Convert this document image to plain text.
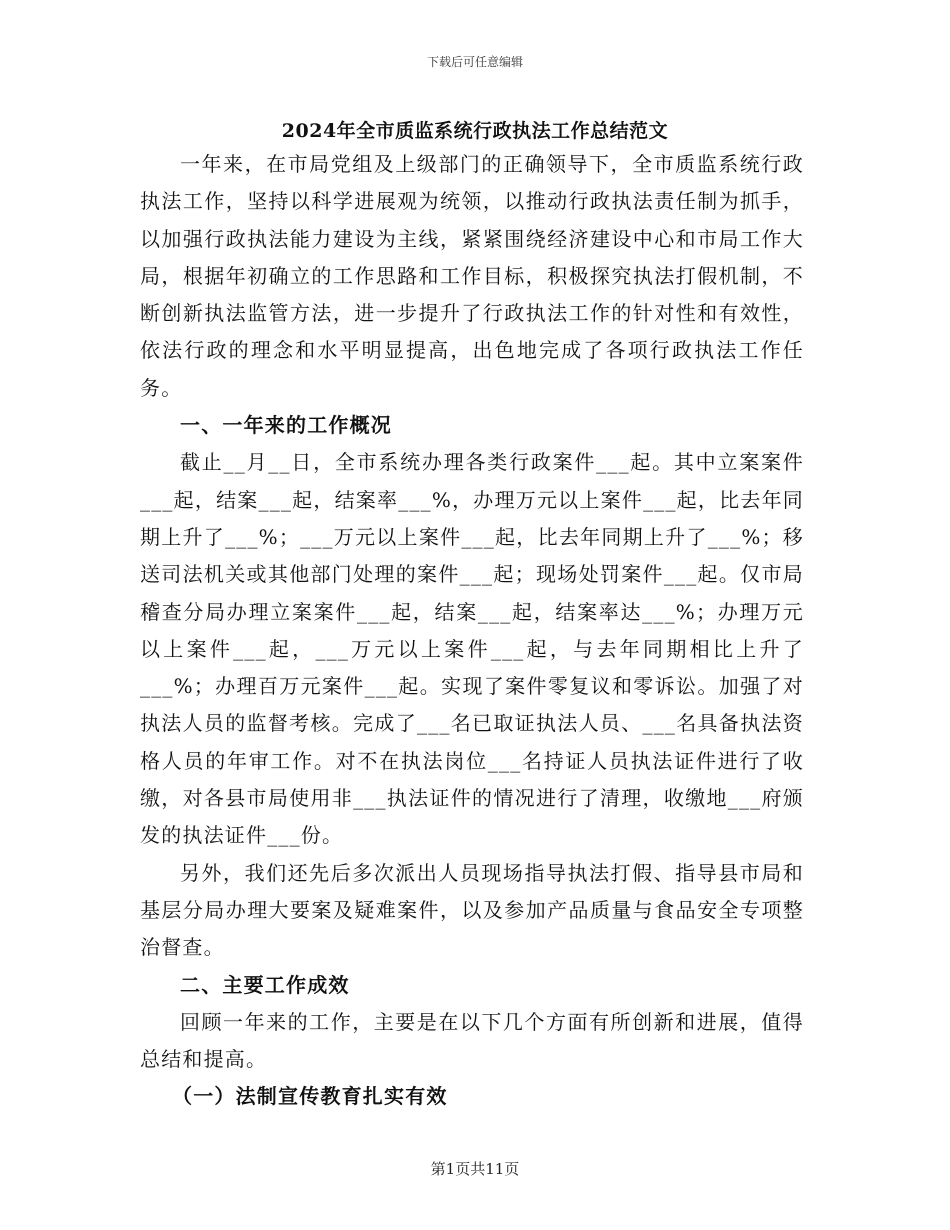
下载后可任意编辑
2024年全市质监系统行政执法工作总结范文

一年来，在市局党组及上级部门的正确领导下，全市质监系统行政执法工作，坚持以科学进展观为统领，以推动行政执法责任制为抓手，以加强行政执法能力建设为主线，紧紧围绕经济建设中心和市局工作大局，根据年初确立的工作思路和工作目标，积极探究执法打假机制，不断创新执法监管方法，进一步提升了行政执法工作的针对性和有效性，依法行政的理念和水平明显提高，出色地完成了各项行政执法工作任务。

一、一年来的工作概况

截止__月__日，全市系统办理各类行政案件___起。其中立案案件___起，结案___起，结案率___%，办理万元以上案件___起，比去年同期上升了___%；___万元以上案件___起，比去年同期上升了___%；移送司法机关或其他部门处理的案件___起；现场处罚案件___起。仅市局稽查分局办理立案案件___起，结案___起，结案率达___%；办理万元以上案件___起，___万元以上案件___起，与去年同期相比上升了___%；办理百万元案件___起。实现了案件零复议和零诉讼。加强了对执法人员的监督考核。完成了___名已取证执法人员、___名具备执法资格人员的年审工作。对不在执法岗位___名持证人员执法证件进行了收缴，对各县市局使用非___执法证件的情况进行了清理，收缴地___府颁发的执法证件___份。

另外，我们还先后多次派出人员现场指导执法打假、指导县市局和基层分局办理大要案及疑难案件，以及参加产品质量与食品安全专项整治督查。

二、主要工作成效

回顾一年来的工作，主要是在以下几个方面有所创新和进展，值得总结和提高。

（一）法制宣传教育扎实有效

第1页共11页
